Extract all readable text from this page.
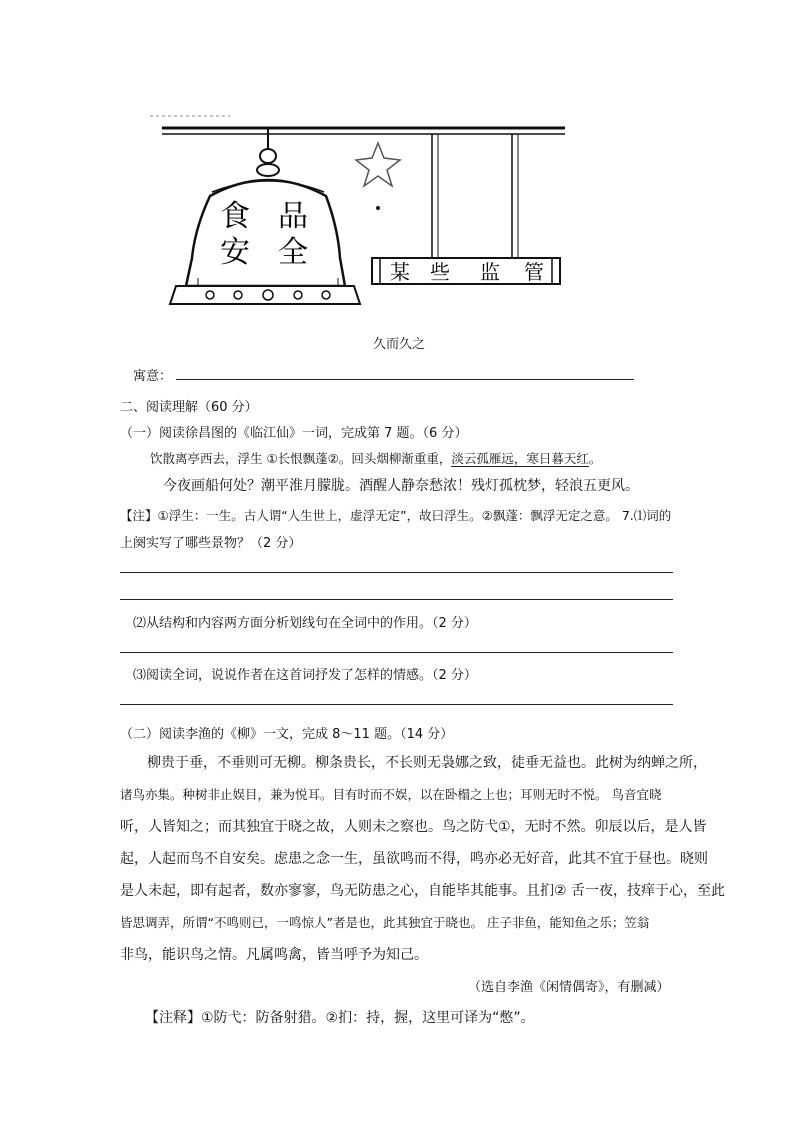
食 品
安 全
某 些 监 管
久而久之
寓意：
二、阅读理解（60 分）
（一）阅读徐昌图的《临江仙》一词，完成第 7 题。（6 分）
饮散离亭西去，浮生 ①长恨飘蓬②。回头烟柳渐重重，淡云孤雁远，寒日暮天红。
今夜画船何处？潮平淮月朦胧。酒醒人静奈愁浓！残灯孤枕梦，轻浪五更风。
【注】①浮生：一生。古人谓“人生世上，虚浮无定”，故曰浮生。②飘蓬：飘浮无定之意。 7.⑴词的
上阕实写了哪些景物？（2 分）
⑵从结构和内容两方面分析划线句在全词中的作用。（2 分）
⑶阅读全词，说说作者在这首词抒发了怎样的情感。（2 分）
（二）阅读李渔的《柳》一文，完成 8～11 题。（14 分）
柳贵于垂，不垂则可无柳。柳条贵长，不长则无袅娜之致，徒垂无益也。此树为纳蝉之所，
诸鸟亦集。种树非止娱目，兼为悦耳。目有时而不娱，以在卧榻之上也；耳则无时不悦。 鸟音宜晓
听，人皆知之；而其独宜于晓之故，人则未之察也。鸟之防弋①，无时不然。卯辰以后，是人皆
起，人起而鸟不自安矣。虑患之念一生，虽欲鸣而不得，鸣亦必无好音，此其不宜于昼也。晓则
是人未起，即有起者，数亦寥寥，鸟无防患之心，自能毕其能事。且扪② 舌一夜，技痒于心，至此
皆思调弄，所谓“不鸣则已，一鸣惊人”者是也，此其独宜于晓也。 庄子非鱼，能知鱼之乐；笠翁
非鸟，能识鸟之情。凡属鸣禽，皆当呼予为知己。
（选自李渔《闲情偶寄》，有删减）
【注释】①防弋：防备射猎。②扪：持，握，这里可译为“憋”。
